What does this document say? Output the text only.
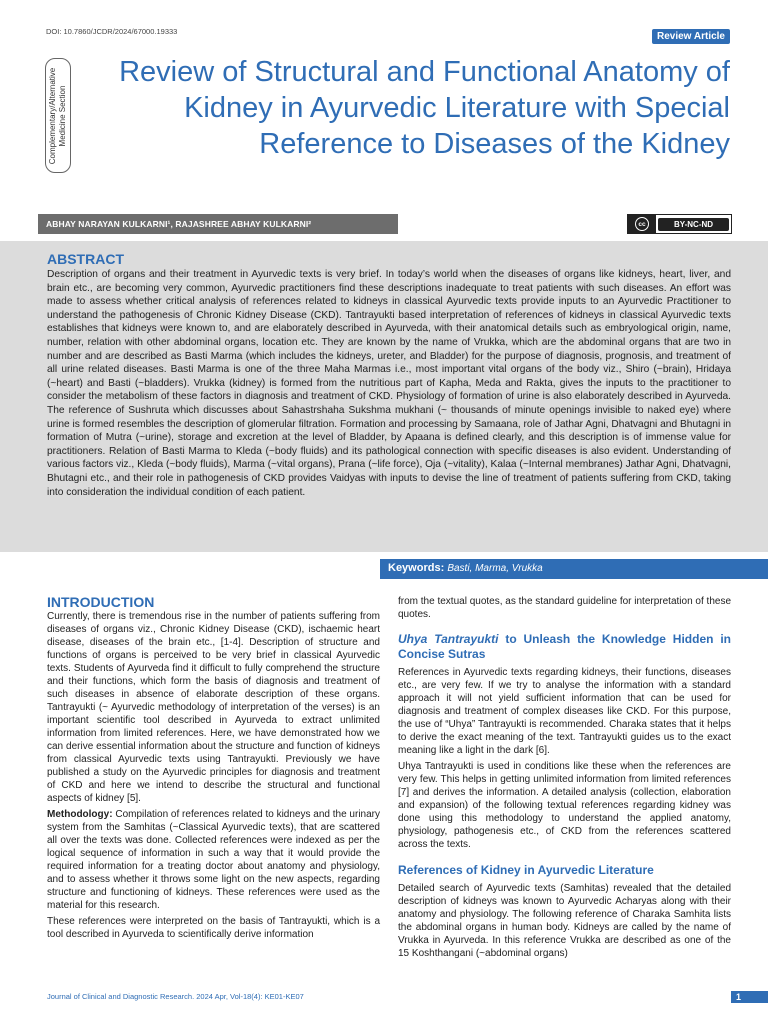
DOI: 10.7860/JCDR/2024/67000.19333	Review Article
Complementary/Alternative Medicine Section
Review of Structural and Functional Anatomy of Kidney in Ayurvedic Literature with Special Reference to Diseases of the Kidney
ABHAY NARAYAN KULKARNI¹, RAJASHREE ABHAY KULKARNI²	cc	BY-NC-ND
ABSTRACT
Description of organs and their treatment in Ayurvedic texts is very brief. In today’s world when the diseases of organs like kidneys, heart, liver, and brain etc., are becoming very common, Ayurvedic practitioners find these descriptions inadequate to treat patients with such diseases. An effort was made to assess whether critical analysis of references related to kidneys in classical Ayurvedic texts provide inputs to an Ayurvedic Practitioner to understand the pathogenesis of Chronic Kidney Disease (CKD). Tantrayukti based interpretation of references of kidneys in classical Ayurvedic texts establishes that kidneys were known to, and are elaborately described in Ayurveda, with their anatomical details such as embryological origin, name, number, relation with other abdominal organs, location etc. They are known by the name of Vrukka, which are the abdominal organs that are two in number and are described as Basti Marma (which includes the kidneys, ureter, and Bladder) for the purpose of diagnosis, prognosis, and treatment of all urine related diseases. Basti Marma is one of the three Maha Marmas i.e., most important vital organs of the body viz., Shiro (~brain), Hridaya (~heart) and Basti (~bladders). Vrukka (kidney) is formed from the nutritious part of Kapha, Meda and Rakta, gives the inputs to the practitioner to consider the metabolism of these factors in diagnosis and treatment of CKD. Physiology of formation of urine is also elaborately described in Ayurveda. The reference of Sushruta which discusses about Sahastrshaha Sukshma mukhani (~ thousands of minute openings invisible to naked eye) where urine is formed resembles the description of glomerular filtration. Formation and processing by Samaana, role of Jathar Agni, Dhatvagni and Bhutagni in formation of Mutra (~urine), storage and excretion at the level of Bladder, by Apaana is defined clearly, and this description is of immense value for practitioners. Relation of Basti Marma to Kleda (~body fluids) and its pathological connection with specific diseases is also evident. Understanding of various factors viz., Kleda (~body fluids), Marma (~vital organs), Prana (~life force), Oja (~vitality), Kalaa (~Internal membranes) Jathar Agni, Dhatvagni, Bhutagni etc., and their role in pathogenesis of CKD provides Vaidyas with inputs to devise the line of treatment of patients suffering from CKD, taking into consideration the individual condition of each patient.
Keywords: Basti, Marma, Vrukka
INTRODUCTION

Currently, there is tremendous rise in the number of patients suffering from diseases of organs viz., Chronic Kidney Disease (CKD), ischaemic heart disease, diseases of the brain etc., [1-4]. Description of structure and functions of organs is perceived to be very brief in classical Ayurvedic texts. Students of Ayurveda find it difficult to fully comprehend the structure and their functions, which form the basis of diagnosis and treatment of such diseases in absence of elaborate description of these organs. Tantrayukti (~ Ayurvedic methodology of interpretation of the verses) is an important scientific tool described in Ayurveda to extract unlimited information from limited references. Here, we have demonstrated how we can derive essential information about the structure and function of kidneys from classical Ayurvedic texts using Tantrayukti. Previously we have published a study on the Ayurvedic principles for diagnosis and treatment of CKD and here we intend to describe the structural and functional aspects of kidney [5].

Methodology: Compilation of references related to kidneys and the urinary system from the Samhitas (~Classical Ayurvedic texts), that are scattered all over the texts was done. Collected references were indexed as per the logical sequence of information in such a way that it would provide the required information for a treating doctor about anatomy and physiology, and to assess whether it throws some light on the new aspects, regarding structure and functioning of kidneys. These references were used as the material for this research.

These references were interpreted on the basis of Tantrayukti, which is a tool described in Ayurveda to scientifically derive information

from the textual quotes, as the standard guideline for interpretation of these quotes.

Uhya Tantrayukti to Unleash the Knowledge Hidden in Concise Sutras

References in Ayurvedic texts regarding kidneys, their functions, diseases etc., are very few. If we try to analyse the information with a standard approach it will not yield sufficient information that can be used for diagnosis and treatment of complex diseases like CKD. For this purpose, the use of “Uhya” Tantrayukti is recommended. Charaka states that it helps to derive the exact meaning of the text. Tantrayukti guides us to the exact meaning like a light in the dark [6].

Uhya Tantrayukti is used in conditions like these when the references are very few. This helps in getting unlimited information from limited references [7] and derives the information. A detailed analysis (collection, elaboration and expansion) of the following textual references regarding kidney was done using this methodology to understand the applied anatomy, physiology, pathogenesis etc., of CKD from the references scattered across the texts.

References of Kidney in Ayurvedic Literature

Detailed search of Ayurvedic texts (Samhitas) revealed that the detailed description of kidneys was known to Ayurvedic Acharyas along with their anatomy and physiology. The following reference of Charaka Samhita lists the abdominal organs in human body. Kidneys are called by the name of Vrukka in Ayurveda. In this reference Vrukka are described as one of the 15 Koshthangani (~abdominal organs)

Journal of Clinical and Diagnostic Research. 2024 Apr, Vol-18(4): KE01-KE07	1
